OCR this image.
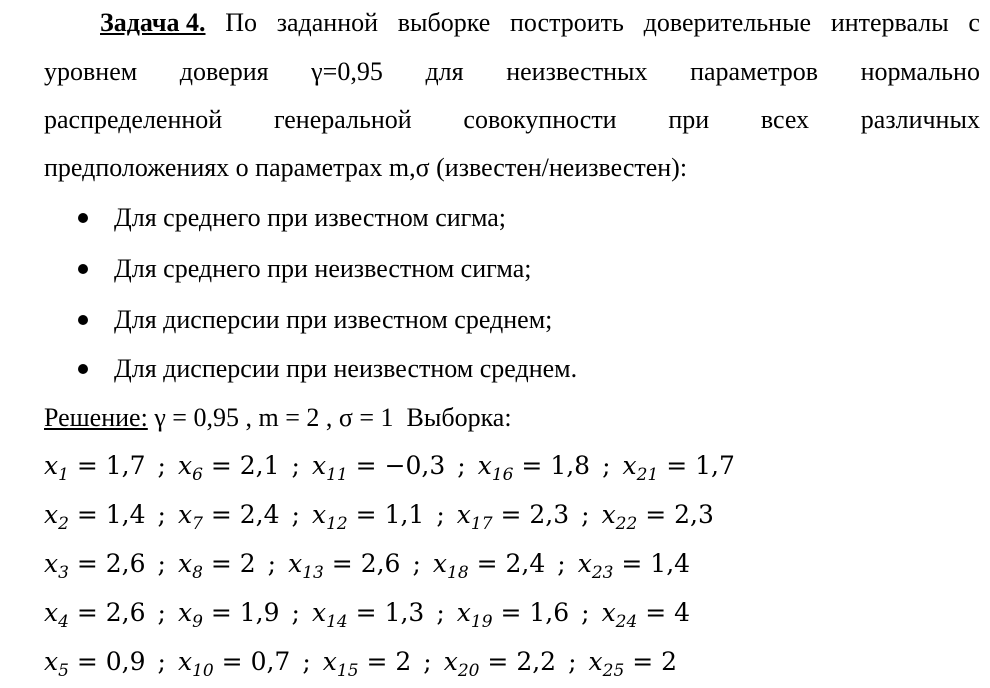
Задача 4. По заданной выборке построить доверительные интервалы с
уровнем доверия γ=0,95 для неизвестных параметров нормально
распределенной генеральной совокупности при всех различных
предположениях о параметрах m,σ (известен/неизвестен):
Для среднего при известном сигма;
Для среднего при неизвестном сигма;
Для дисперсии при известном среднем;
Для дисперсии при неизвестном среднем.
Решение: γ = 0,95 , m = 2 , σ = 1  Выборка:
$x_1 = 1,7$ ; $x_6 = 2,1$ ; $x_{11} = -0,3$ ; $x_{16} = 1,8$ ; $x_{21} = 1,7$
$x_2 = 1,4$ ; $x_7 = 2,4$ ; $x_{12} = 1,1$ ; $x_{17} = 2,3$ ; $x_{22} = 2,3$
$x_3 = 2,6$ ; $x_8 = 2$ ; $x_{13} = 2,6$ ; $x_{18} = 2,4$ ; $x_{23} = 1,4$
$x_4 = 2,6$ ; $x_9 = 1,9$ ; $x_{14} = 1,3$ ; $x_{19} = 1,6$ ; $x_{24} = 4$
$x_5 = 0,9$ ; $x_{10} = 0,7$ ; $x_{15} = 2$ ; $x_{20} = 2,2$ ; $x_{25} = 2$
